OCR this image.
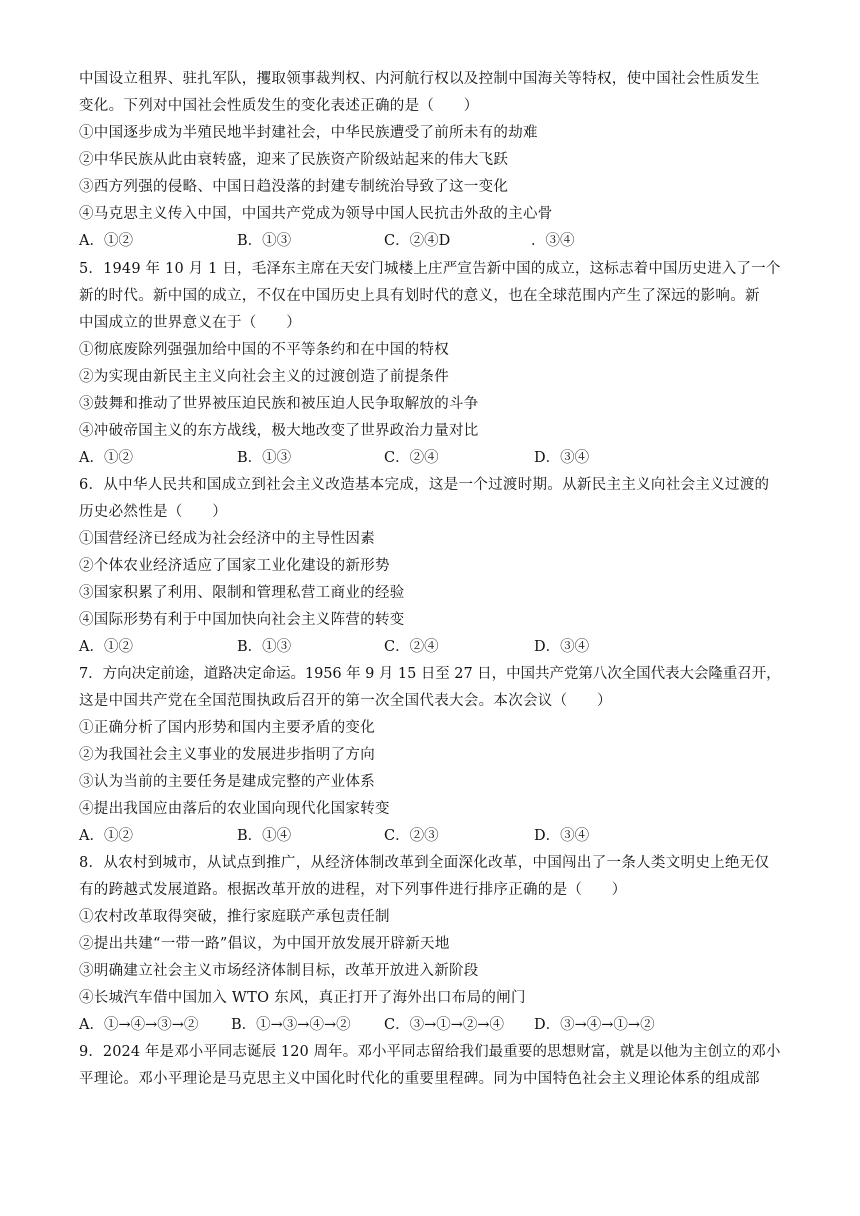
中国设立租界、驻扎军队，攫取领事裁判权、内河航行权以及控制中国海关等特权，使中国社会性质发生
变化。下列对中国社会性质发生的变化表述正确的是（　　）
①中国逐步成为半殖民地半封建社会，中华民族遭受了前所未有的劫难
②中华民族从此由衰转盛，迎来了民族资产阶级站起来的伟大飞跃
③西方列强的侵略、中国日趋没落的封建专制统治导致了这一变化
④马克思主义传入中国，中国共产党成为领导中国人民抗击外敌的主心骨
A．①②	B．①③	C．②④D	．③④
5．1949 年 10 月 1 日，毛泽东主席在天安门城楼上庄严宣告新中国的成立，这标志着中国历史进入了一个
新的时代。新中国的成立，不仅在中国历史上具有划时代的意义，也在全球范围内产生了深远的影响。新
中国成立的世界意义在于（　　）
①彻底废除列强强加给中国的不平等条约和在中国的特权
②为实现由新民主主义向社会主义的过渡创造了前提条件
③鼓舞和推动了世界被压迫民族和被压迫人民争取解放的斗争
④冲破帝国主义的东方战线，极大地改变了世界政治力量对比
A．①②	B．①③	C．②④	D．③④
6．从中华人民共和国成立到社会主义改造基本完成，这是一个过渡时期。从新民主主义向社会主义过渡的
历史必然性是（　　）
①国营经济已经成为社会经济中的主导性因素
②个体农业经济适应了国家工业化建设的新形势
③国家积累了利用、限制和管理私营工商业的经验
④国际形势有利于中国加快向社会主义阵营的转变
A．①②	B．①③	C．②④	D．③④
7．方向决定前途，道路决定命运。1956 年 9 月 15 日至 27 日，中国共产党第八次全国代表大会隆重召开，
这是中国共产党在全国范围执政后召开的第一次全国代表大会。本次会议（　　）
①正确分析了国内形势和国内主要矛盾的变化
②为我国社会主义事业的发展进步指明了方向
③认为当前的主要任务是建成完整的产业体系
④提出我国应由落后的农业国向现代化国家转变
A．①②	B．①④	C．②③	D．③④
8．从农村到城市，从试点到推广，从经济体制改革到全面深化改革，中国闯出了一条人类文明史上绝无仅
有的跨越式发展道路。根据改革开放的进程，对下列事件进行排序正确的是（　　）
①农村改革取得突破，推行家庭联产承包责任制
②提出共建“一带一路”倡议，为中国开放发展开辟新天地
③明确建立社会主义市场经济体制目标，改革开放进入新阶段
④长城汽车借中国加入 WTO 东风，真正打开了海外出口布局的闸门
A．①→④→③→② B．①→③→④→② C．③→①→②→④ D．③→④→①→②
9．2024 年是邓小平同志诞辰 120 周年。邓小平同志留给我们最重要的思想财富，就是以他为主创立的邓小
平理论。邓小平理论是马克思主义中国化时代化的重要里程碑。同为中国特色社会主义理论体系的组成部
